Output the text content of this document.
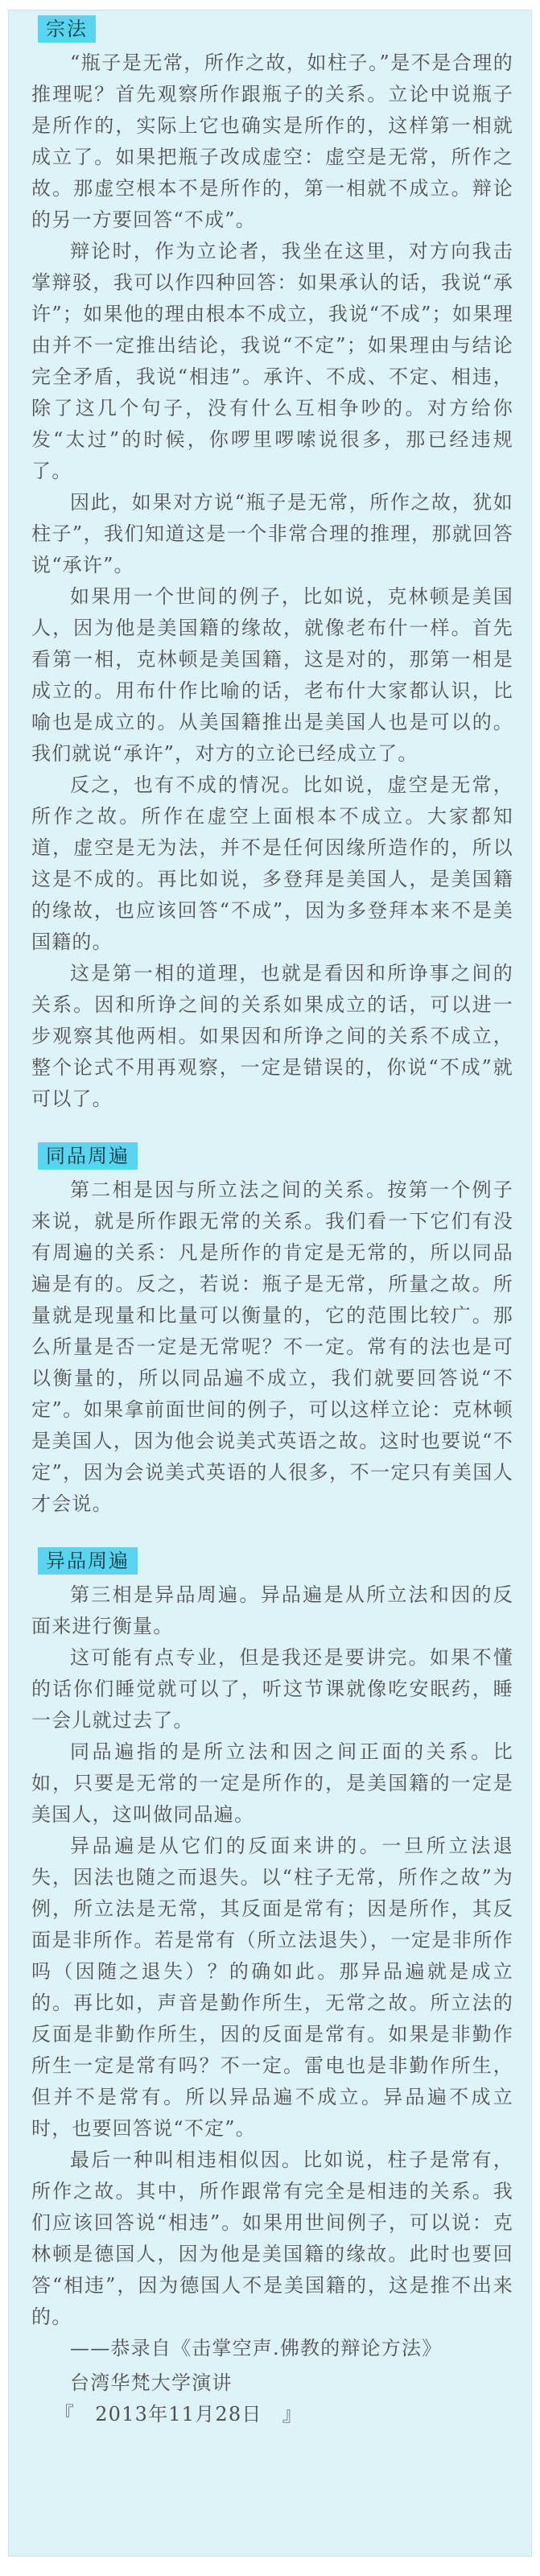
宗法

“瓶子是无常，所作之故，如柱子。”是不是合理的推理呢？首先观察所作跟瓶子的关系。立论中说瓶子是所作的，实际上它也确实是所作的，这样第一相就成立了。如果把瓶子改成虚空：虚空是无常，所作之故。那虚空根本不是所作的，第一相就不成立。辩论的另一方要回答“不成”。

辩论时，作为立论者，我坐在这里，对方向我击掌辩驳，我可以作四种回答：如果承认的话，我说“承许”；如果他的理由根本不成立，我说“不成”；如果理由并不一定推出结论，我说“不定”；如果理由与结论完全矛盾，我说“相违”。承许、不成、不定、相违，除了这几个句子，没有什么互相争吵的。对方给你发“太过”的时候，你啰里啰嗦说很多，那已经违规了。

因此，如果对方说“瓶子是无常，所作之故，犹如柱子”，我们知道这是一个非常合理的推理，那就回答说“承许”。

如果用一个世间的例子，比如说，克林顿是美国人，因为他是美国籍的缘故，就像老布什一样。首先看第一相，克林顿是美国籍，这是对的，那第一相是成立的。用布什作比喻的话，老布什大家都认识，比喻也是成立的。从美国籍推出是美国人也是可以的。我们就说“承许”，对方的立论已经成立了。

反之，也有不成的情况。比如说，虚空是无常，所作之故。所作在虚空上面根本不成立。大家都知道，虚空是无为法，并不是任何因缘所造作的，所以这是不成的。再比如说，多登拜是美国人，是美国籍的缘故，也应该回答“不成”，因为多登拜本来不是美国籍的。

这是第一相的道理，也就是看因和所诤事之间的关系。因和所诤之间的关系如果成立的话，可以进一步观察其他两相。如果因和所诤之间的关系不成立，整个论式不用再观察，一定是错误的，你说“不成”就可以了。

同品周遍

第二相是因与所立法之间的关系。按第一个例子来说，就是所作跟无常的关系。我们看一下它们有没有周遍的关系：凡是所作的肯定是无常的，所以同品遍是有的。反之，若说：瓶子是无常，所量之故。所量就是现量和比量可以衡量的，它的范围比较广。那么所量是否一定是无常呢？不一定。常有的法也是可以衡量的，所以同品遍不成立，我们就要回答说“不定”。如果拿前面世间的例子，可以这样立论：克林顿是美国人，因为他会说美式英语之故。这时也要说“不定”，因为会说美式英语的人很多，不一定只有美国人才会说。

异品周遍

第三相是异品周遍。异品遍是从所立法和因的反面来进行衡量。

这可能有点专业，但是我还是要讲完。如果不懂的话你们睡觉就可以了，听这节课就像吃安眠药，睡一会儿就过去了。

同品遍指的是所立法和因之间正面的关系。比如，只要是无常的一定是所作的，是美国籍的一定是美国人，这叫做同品遍。

异品遍是从它们的反面来讲的。一旦所立法退失，因法也随之而退失。以“柱子无常，所作之故”为例，所立法是无常，其反面是常有；因是所作，其反面是非所作。若是常有（所立法退失），一定是非所作吗（因随之退失）？的确如此。那异品遍就是成立的。再比如，声音是勤作所生，无常之故。所立法的反面是非勤作所生，因的反面是常有。如果是非勤作所生一定是常有吗？不一定。雷电也是非勤作所生，但并不是常有。所以异品遍不成立。异品遍不成立时，也要回答说“不定”。

最后一种叫相违相似因。比如说，柱子是常有，所作之故。其中，所作跟常有完全是相违的关系。我们应该回答说“相违”。如果用世间例子，可以说：克林顿是德国人，因为他是美国籍的缘故。此时也要回答“相违”，因为德国人不是美国籍的，这是推不出来的。

——恭录自《击掌空声.佛教的辩论方法》

台湾华梵大学演讲
『　2013年11月28日　』
